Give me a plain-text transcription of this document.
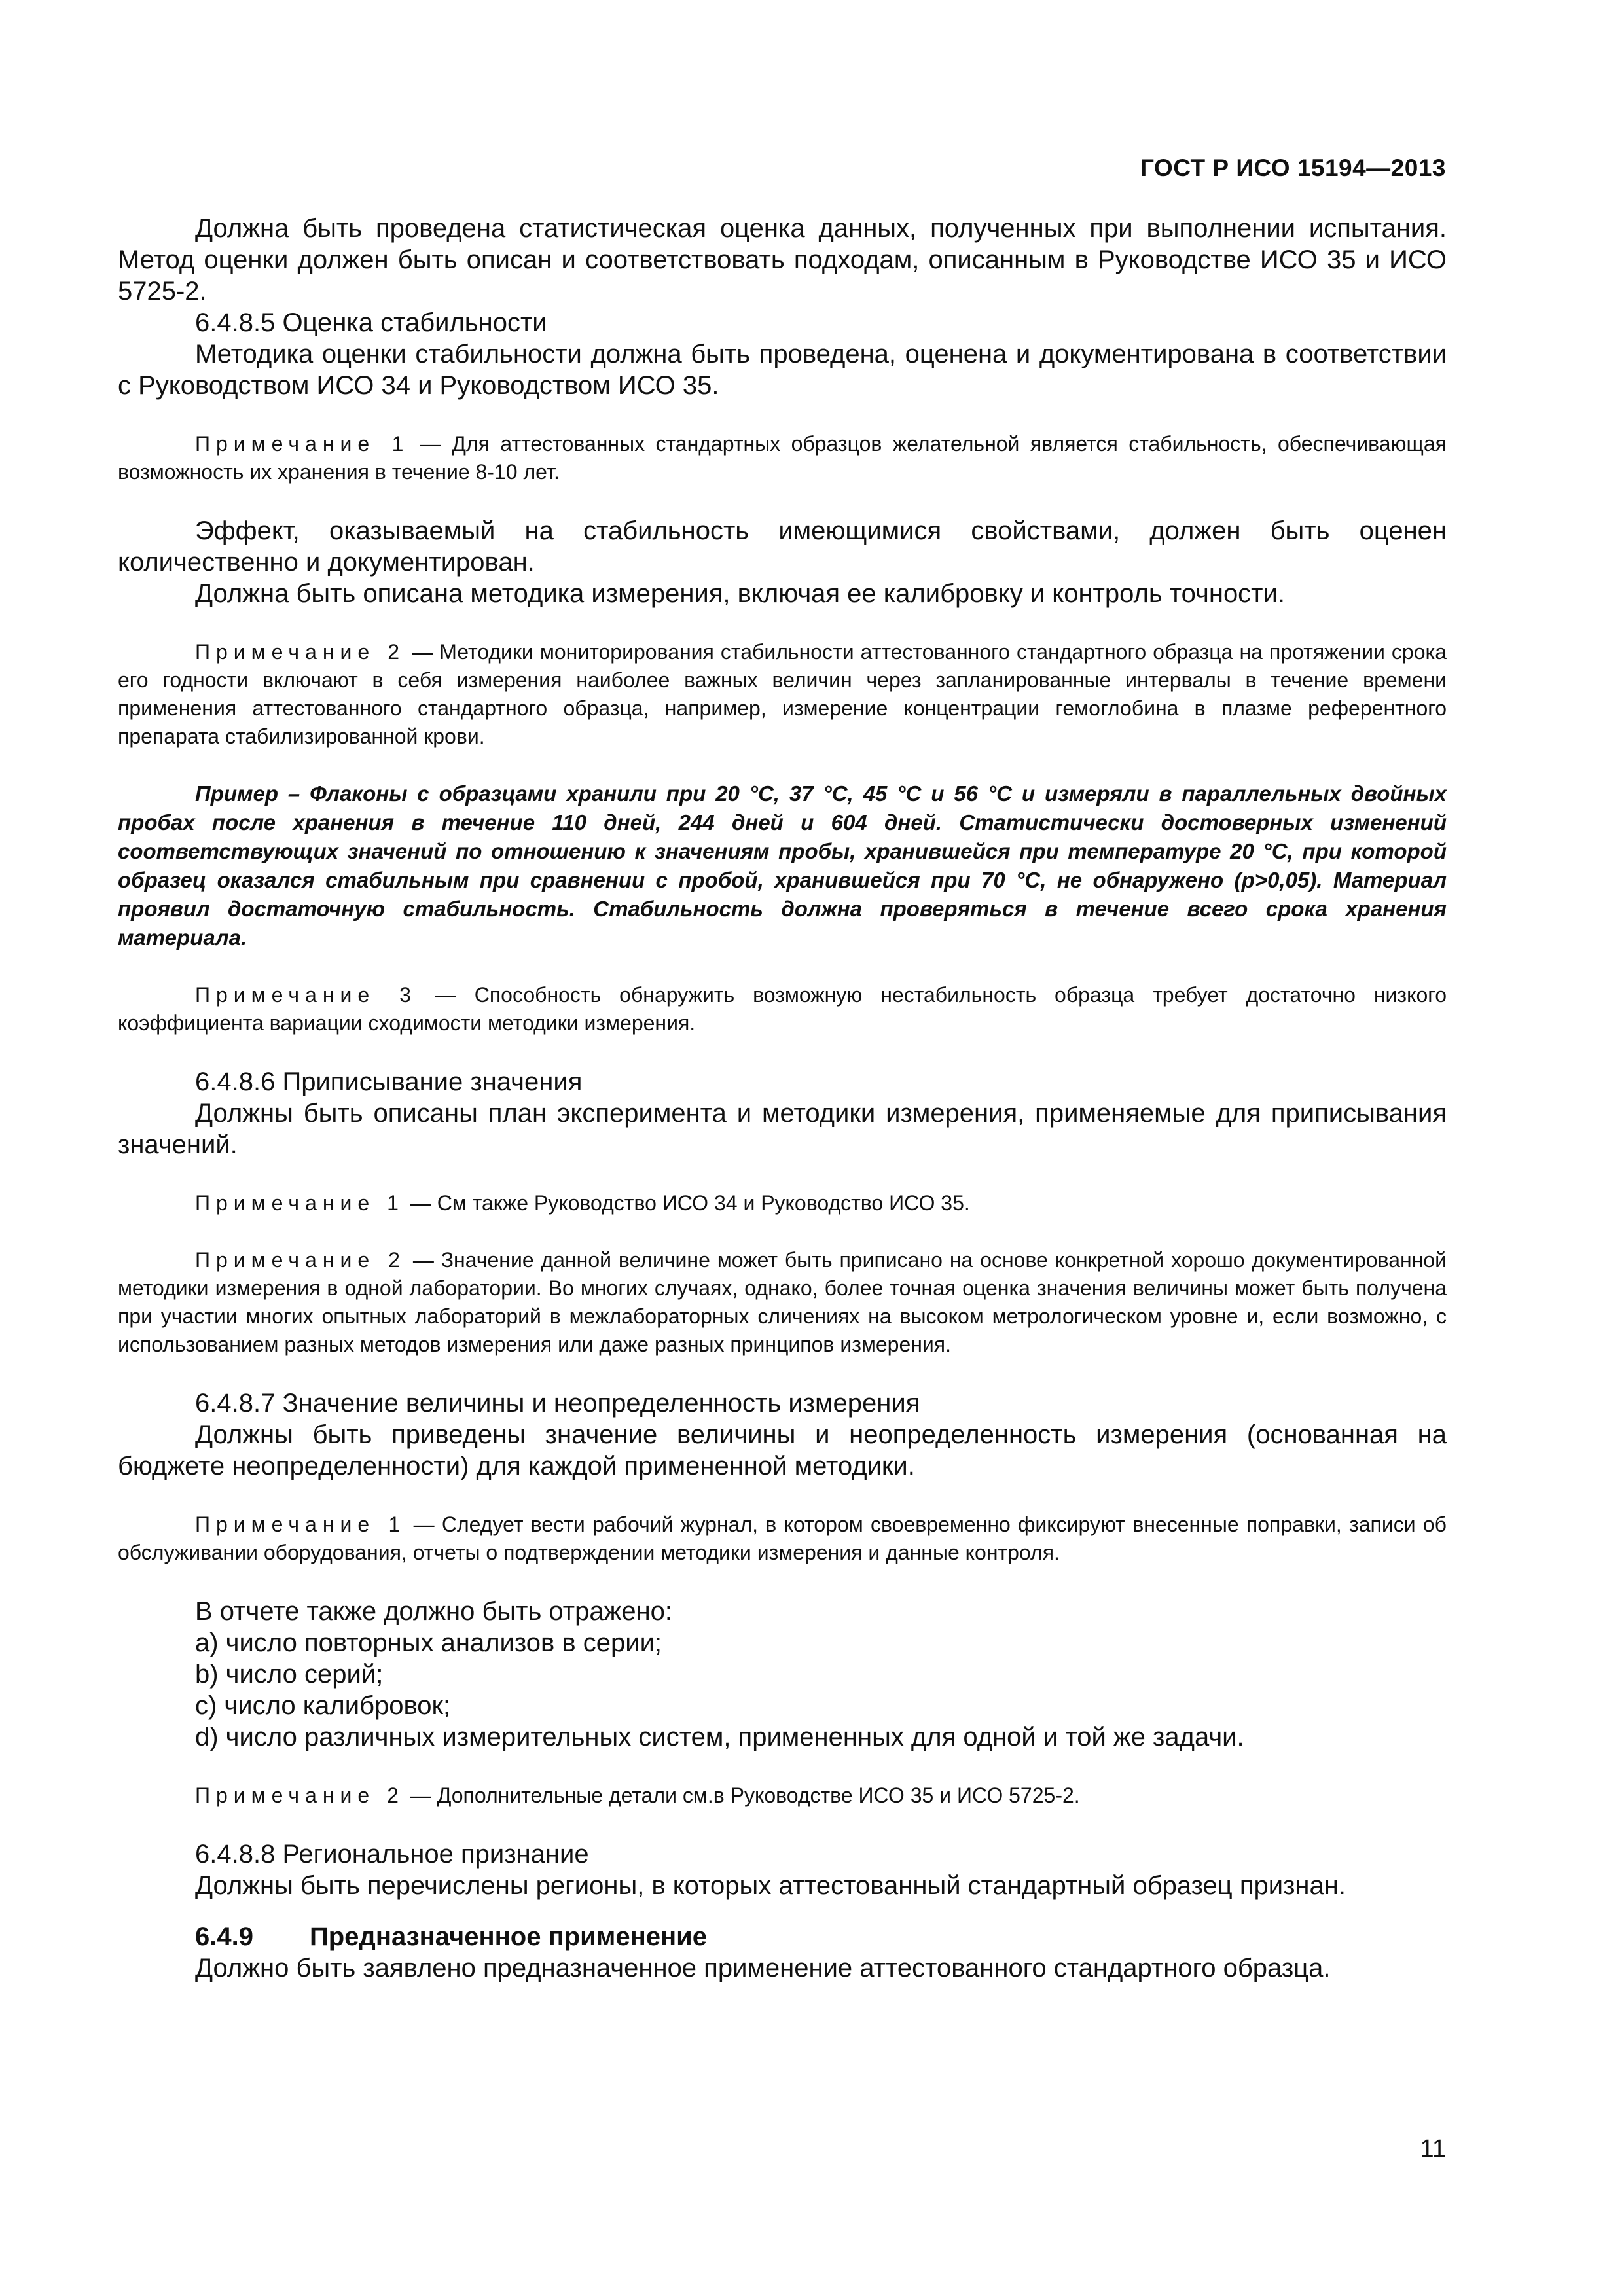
ГОСТ Р ИСО 15194—2013

Должна быть проведена статистическая оценка данных, полученных при выполнении испытания. Метод оценки должен быть описан и соответствовать подходам, описанным в Руководстве ИСО 35 и ИСО 5725-2.

6.4.8.5 Оценка стабильности

Методика оценки стабильности должна быть проведена, оценена и документирована в соответствии с Руководством ИСО 34 и Руководством ИСО 35.

Примечание 1 — Для аттестованных стандартных образцов желательной является стабильность, обеспечивающая возможность их хранения в течение 8-10 лет.

Эффект, оказываемый на стабильность имеющимися свойствами, должен быть оценен количественно и документирован.

Должна быть описана методика измерения, включая ее калибровку и контроль точности.

Примечание 2 — Методики мониторирования стабильности аттестованного стандартного образца на протяжении срока его годности включают в себя измерения наиболее важных величин через запланированные интервалы в течение времени применения аттестованного стандартного образца, например, измерение концентрации гемоглобина в плазме референтного препарата стабилизированной крови.

Пример – Флаконы с образцами хранили при 20 °С, 37 °С, 45 °С и 56 °С и измеряли в параллельных двойных пробах после хранения в течение 110 дней, 244 дней и 604 дней. Статистически достоверных изменений соответствующих значений по отношению к значениям пробы, хранившейся при температуре 20 °С, при которой образец оказался стабильным при сравнении с пробой, хранившейся при 70 °С, не обнаружено (р>0,05). Материал проявил достаточную стабильность. Стабильность должна проверяться в течение всего срока хранения материала.

Примечание 3 — Способность обнаружить возможную нестабильность образца требует достаточно низкого коэффициента вариации сходимости методики измерения.

6.4.8.6 Приписывание значения

Должны быть описаны план эксперимента и методики измерения, применяемые для приписывания значений.

Примечание 1 — См также Руководство ИСО 34 и Руководство ИСО 35.

Примечание 2 — Значение данной величине может быть приписано на основе конкретной хорошо документированной методики измерения в одной лаборатории. Во многих случаях, однако, более точная оценка значения величины может быть получена при участии многих опытных лабораторий в межлабораторных сличениях на высоком метрологическом уровне и, если возможно, с использованием разных методов измерения или даже разных принципов измерения.

6.4.8.7 Значение величины и неопределенность измерения

Должны быть приведены значение величины и неопределенность измерения (основанная на бюджете неопределенности) для каждой примененной методики.

Примечание 1 — Следует вести рабочий журнал, в котором своевременно фиксируют внесенные поправки, записи об обслуживании оборудования, отчеты о подтверждении методики измерения и данные контроля.

В отчете также должно быть отражено:

a) число повторных анализов в серии;

b) число серий;

c) число калибровок;

d) число различных измерительных систем, примененных для одной и той же задачи.

Примечание 2 — Дополнительные детали см.в Руководстве ИСО 35 и ИСО 5725-2.

6.4.8.8 Региональное признание

Должны быть перечислены регионы, в которых аттестованный стандартный образец признан.

6.4.9 Предназначенное применение

Должно быть заявлено предназначенное применение аттестованного стандартного образца.

11
